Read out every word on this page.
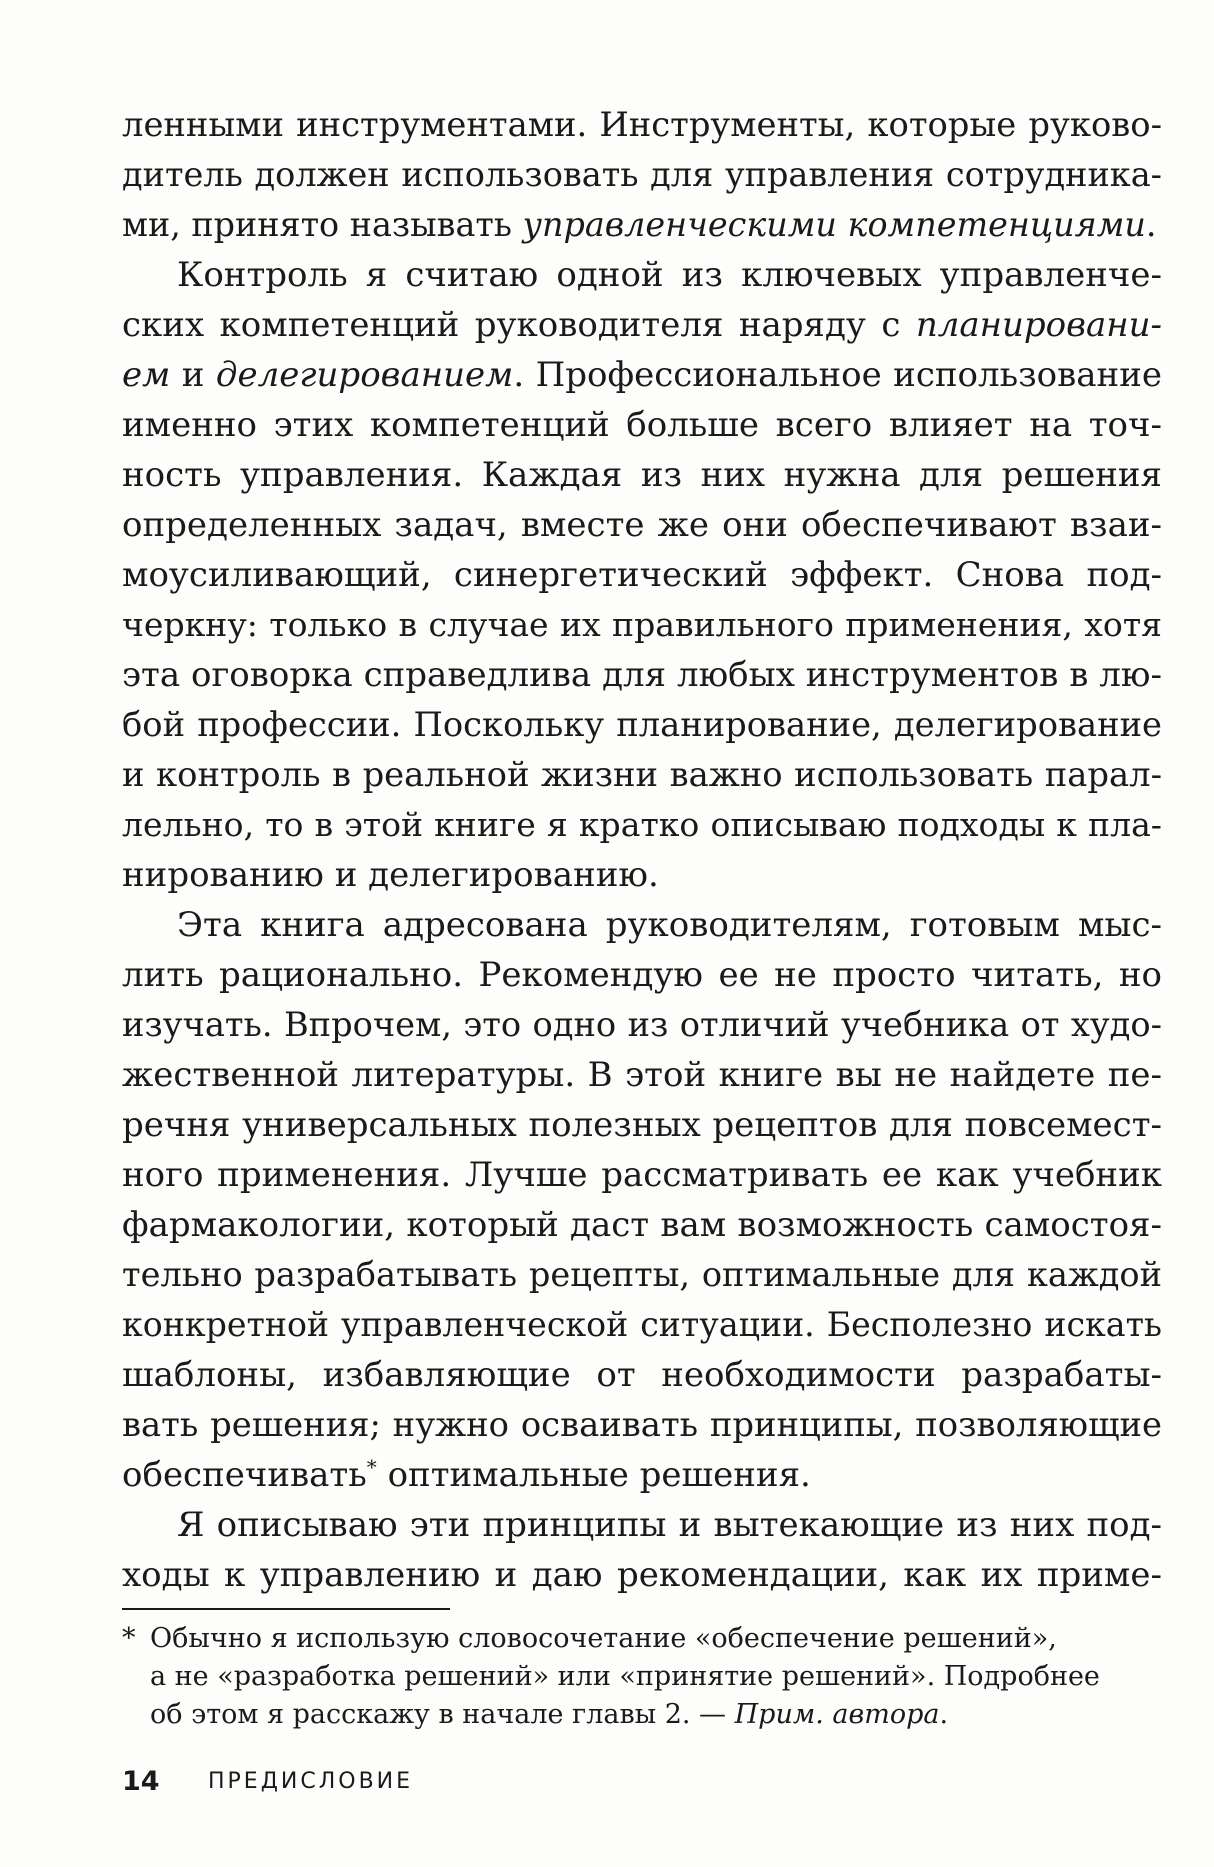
ленными инструментами. Инструменты, которые руково-
дитель должен использовать для управления сотрудника-
ми, принято называть управленческими компетенциями.
Контроль я считаю одной из ключевых управленче-
ских компетенций руководителя наряду с планировани-
ем и делегированием. Профессиональное использование
именно этих компетенций больше всего влияет на точ-
ность управления. Каждая из них нужна для решения
определенных задач, вместе же они обеспечивают взаи-
моусиливающий, синергетический эффект. Снова под-
черкну: только в случае их правильного применения, хотя
эта оговорка справедлива для любых инструментов в лю-
бой профессии. Поскольку планирование, делегирование
и контроль в реальной жизни важно использовать парал-
лельно, то в этой книге я кратко описываю подходы к пла-
нированию и делегированию.
Эта книга адресована руководителям, готовым мыс-
лить рационально. Рекомендую ее не просто читать, но
изучать. Впрочем, это одно из отличий учебника от худо-
жественной литературы. В этой книге вы не найдете пе-
речня универсальных полезных рецептов для повсемест-
ного применения. Лучше рассматривать ее как учебник
фармакологии, который даст вам возможность самостоя-
тельно разрабатывать рецепты, оптимальные для каждой
конкретной управленческой ситуации. Бесполезно искать
шаблоны, избавляющие от необходимости разрабаты-
вать решения; нужно осваивать принципы, позволяющие
обеспечивать* оптимальные решения.
Я описываю эти принципы и вытекающие из них под-
ходы к управлению и даю рекомендации, как их приме-
* Обычно я использую словосочетание «обеспечение решений»,
а не «разработка решений» или «принятие решений». Подробнее
об этом я расскажу в начале главы 2. — Прим. автора.
14 ПРЕДИСЛОВИЕ
